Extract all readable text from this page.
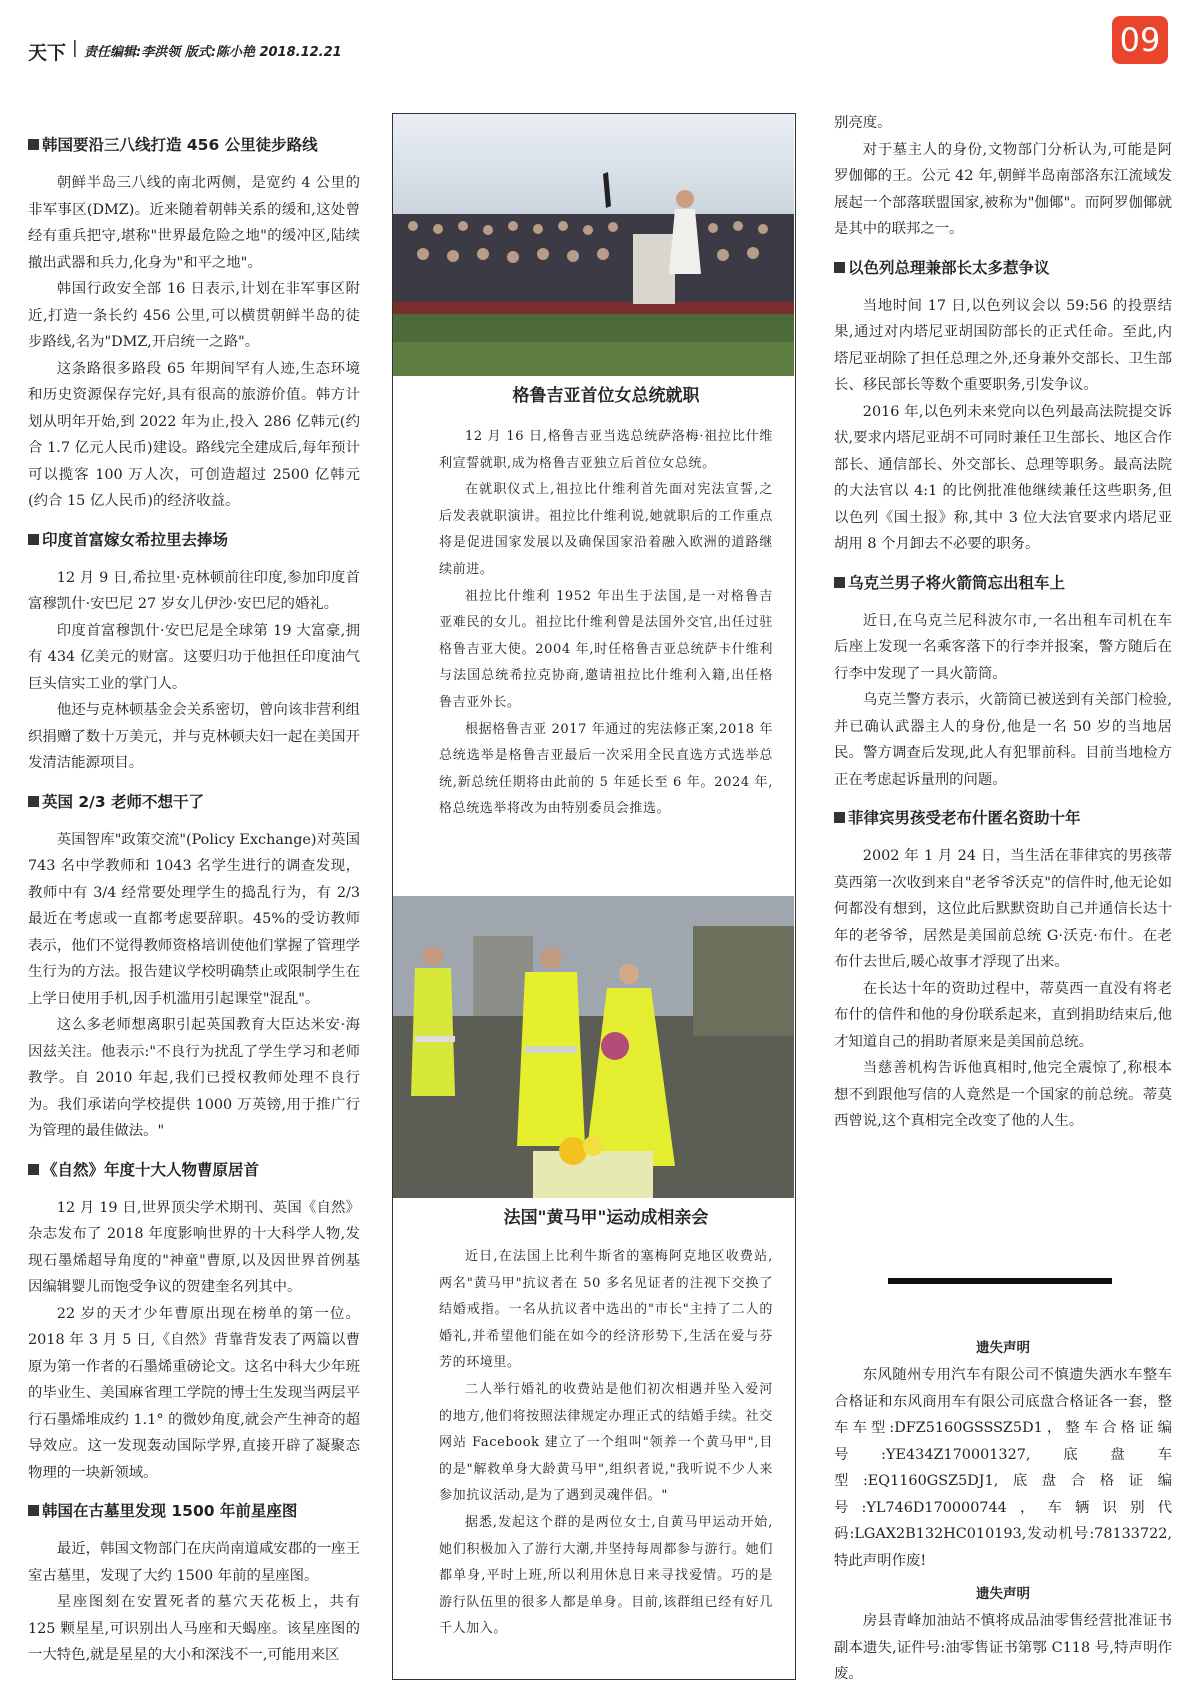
天下 | 责任编辑:李洪领 版式:陈小艳 2018.12.21	09
韩国要沿三八线打造 456 公里徒步路线

朝鲜半岛三八线的南北两侧，是宽约 4 公里的非军事区(DMZ)。近来随着朝韩关系的缓和,这处曾经有重兵把守,堪称"世界最危险之地"的缓冲区,陆续撤出武器和兵力,化身为"和平之地"。

韩国行政安全部 16 日表示,计划在非军事区附近,打造一条长约 456 公里,可以横贯朝鲜半岛的徒步路线,名为"DMZ,开启统一之路"。

这条路很多路段 65 年期间罕有人迹,生态环境和历史资源保存完好,具有很高的旅游价值。韩方计划从明年开始,到 2022 年为止,投入 286 亿韩元(约合 1.7 亿元人民币)建设。路线完全建成后,每年预计可以揽客 100 万人次，可创造超过 2500 亿韩元(约合 15 亿人民币)的经济收益。

印度首富嫁女希拉里去捧场

12 月 9 日,希拉里·克林顿前往印度,参加印度首富穆凯什·安巴尼 27 岁女儿伊沙·安巴尼的婚礼。

印度首富穆凯什·安巴尼是全球第 19 大富豪,拥有 434 亿美元的财富。这要归功于他担任印度油气巨头信实工业的掌门人。

他还与克林顿基金会关系密切，曾向该非营利组织捐赠了数十万美元，并与克林顿夫妇一起在美国开发清洁能源项目。

英国 2/3 老师不想干了

英国智库"政策交流"(Policy Exchange)对英国 743 名中学教师和 1043 名学生进行的调查发现，教师中有 3/4 经常要处理学生的捣乱行为，有 2/3 最近在考虑或一直都考虑要辞职。45%的受访教师表示，他们不觉得教师资格培训使他们掌握了管理学生行为的方法。报告建议学校明确禁止或限制学生在上学日使用手机,因手机滥用引起课堂"混乱"。

这么多老师想离职引起英国教育大臣达米安·海因兹关注。他表示:"不良行为扰乱了学生学习和老师教学。自 2010 年起,我们已授权教师处理不良行为。我们承诺向学校提供 1000 万英镑,用于推广行为管理的最佳做法。"

《自然》年度十大人物曹原居首

12 月 19 日,世界顶尖学术期刊、英国《自然》杂志发布了 2018 年度影响世界的十大科学人物,发现石墨烯超导角度的"神童"曹原,以及因世界首例基因编辑婴儿而饱受争议的贺建奎名列其中。

22 岁的天才少年曹原出现在榜单的第一位。2018 年 3 月 5 日,《自然》背靠背发表了两篇以曹原为第一作者的石墨烯重磅论文。这名中科大少年班的毕业生、美国麻省理工学院的博士生发现当两层平行石墨烯堆成约 1.1° 的微妙角度,就会产生神奇的超导效应。这一发现轰动国际学界,直接开辟了凝聚态物理的一块新领域。

韩国在古墓里发现 1500 年前星座图

最近，韩国文物部门在庆尚南道咸安郡的一座王室古墓里，发现了大约 1500 年前的星座图。

星座图刻在安置死者的墓穴天花板上，共有 125 颗星星,可识别出人马座和天蝎座。该星座图的一大特色,就是星星的大小和深浅不一,可能用来区

格鲁吉亚首位女总统就职

12 月 16 日,格鲁吉亚当选总统萨洛梅·祖拉比什维利宣誓就职,成为格鲁吉亚独立后首位女总统。

在就职仪式上,祖拉比什维利首先面对宪法宣誓,之后发表就职演讲。祖拉比什维利说,她就职后的工作重点将是促进国家发展以及确保国家沿着融入欧洲的道路继续前进。

祖拉比什维利 1952 年出生于法国,是一对格鲁吉亚难民的女儿。祖拉比什维利曾是法国外交官,出任过驻格鲁吉亚大使。2004 年,时任格鲁吉亚总统萨卡什维利与法国总统希拉克协商,邀请祖拉比什维利入籍,出任格鲁吉亚外长。

根据格鲁吉亚 2017 年通过的宪法修正案,2018 年总统选举是格鲁吉亚最后一次采用全民直选方式选举总统,新总统任期将由此前的 5 年延长至 6 年。2024 年,格总统选举将改为由特别委员会推选。

法国"黄马甲"运动成相亲会

近日,在法国上比利牛斯省的塞梅阿克地区收费站,两名"黄马甲"抗议者在 50 多名见证者的注视下交换了结婚戒指。一名从抗议者中选出的"市长"主持了二人的婚礼,并希望他们能在如今的经济形势下,生活在爱与芬芳的环境里。

二人举行婚礼的收费站是他们初次相遇并坠入爱河的地方,他们将按照法律规定办理正式的结婚手续。社交网站 Facebook 建立了一个组叫"领养一个黄马甲",目的是"解救单身大龄黄马甲",组织者说,"我听说不少人来参加抗议活动,是为了遇到灵魂伴侣。"

据悉,发起这个群的是两位女士,自黄马甲运动开始,她们积极加入了游行大潮,并坚持每周都参与游行。她们都单身,平时上班,所以利用休息日来寻找爱情。巧的是游行队伍里的很多人都是单身。目前,该群组已经有好几千人加入。

别亮度。

对于墓主人的身份,文物部门分析认为,可能是阿罗伽倻的王。公元 42 年,朝鲜半岛南部洛东江流域发展起一个部落联盟国家,被称为"伽倻"。而阿罗伽倻就是其中的联邦之一。

以色列总理兼部长太多惹争议

当地时间 17 日,以色列议会以 59:56 的投票结果,通过对内塔尼亚胡国防部长的正式任命。至此,内塔尼亚胡除了担任总理之外,还身兼外交部长、卫生部长、移民部长等数个重要职务,引发争议。

2016 年,以色列未来党向以色列最高法院提交诉状,要求内塔尼亚胡不可同时兼任卫生部长、地区合作部长、通信部长、外交部长、总理等职务。最高法院的大法官以 4:1 的比例批准他继续兼任这些职务,但以色列《国土报》称,其中 3 位大法官要求内塔尼亚胡用 8 个月卸去不必要的职务。

乌克兰男子将火箭筒忘出租车上

近日,在乌克兰尼科波尔市,一名出租车司机在车后座上发现一名乘客落下的行李并报案，警方随后在行李中发现了一具火箭筒。

乌克兰警方表示，火箭筒已被送到有关部门检验,并已确认武器主人的身份,他是一名 50 岁的当地居民。警方调查后发现,此人有犯罪前科。目前当地检方正在考虑起诉量刑的问题。

菲律宾男孩受老布什匿名资助十年

2002 年 1 月 24 日，当生活在菲律宾的男孩蒂莫西第一次收到来自"老爷爷沃克"的信件时,他无论如何都没有想到，这位此后默默资助自己并通信长达十年的老爷爷，居然是美国前总统 G·沃克·布什。在老布什去世后,暖心故事才浮现了出来。

在长达十年的资助过程中，蒂莫西一直没有将老布什的信件和他的身份联系起来，直到捐助结束后,他才知道自己的捐助者原来是美国前总统。

当慈善机构告诉他真相时,他完全震惊了,称根本想不到跟他写信的人竟然是一个国家的前总统。蒂莫西曾说,这个真相完全改变了他的人生。

遗失声明

东风随州专用汽车有限公司不慎遗失洒水车整车合格证和东风商用车有限公司底盘合格证各一套，整车车型:DFZ5160GSSSZ5D1，整车合格证编号:YE434Z170001327,底盘车型:EQ1160GSZ5DJ1,底盘合格证编号:YL746D170000744，车辆识别代码:LGAX2B132HC010193,发动机号:78133722,特此声明作废!

遗失声明

房县青峰加油站不慎将成品油零售经营批准证书副本遗失,证件号:油零售证书第鄂 C118 号,特声明作废。
